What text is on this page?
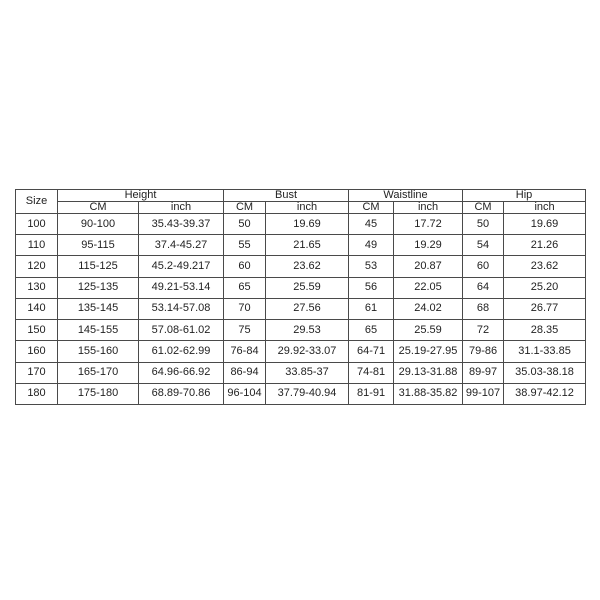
Size	Height		Bust		Waistline		Hip	
	CM	inch	CM	inch	CM	inch	CM	inch
100	90-100	35.43-39.37	50	19.69	45	17.72	50	19.69
110	95-115	37.4-45.27	55	21.65	49	19.29	54	21.26
120	115-125	45.2-49.217	60	23.62	53	20.87	60	23.62
130	125-135	49.21-53.14	65	25.59	56	22.05	64	25.20
140	135-145	53.14-57.08	70	27.56	61	24.02	68	26.77
150	145-155	57.08-61.02	75	29.53	65	25.59	72	28.35
160	155-160	61.02-62.99	76-84	29.92-33.07	64-71	25.19-27.95	79-86	31.1-33.85
170	165-170	64.96-66.92	86-94	33.85-37	74-81	29.13-31.88	89-97	35.03-38.18
180	175-180	68.89-70.86	96-104	37.79-40.94	81-91	31.88-35.82	99-107	38.97-42.12
